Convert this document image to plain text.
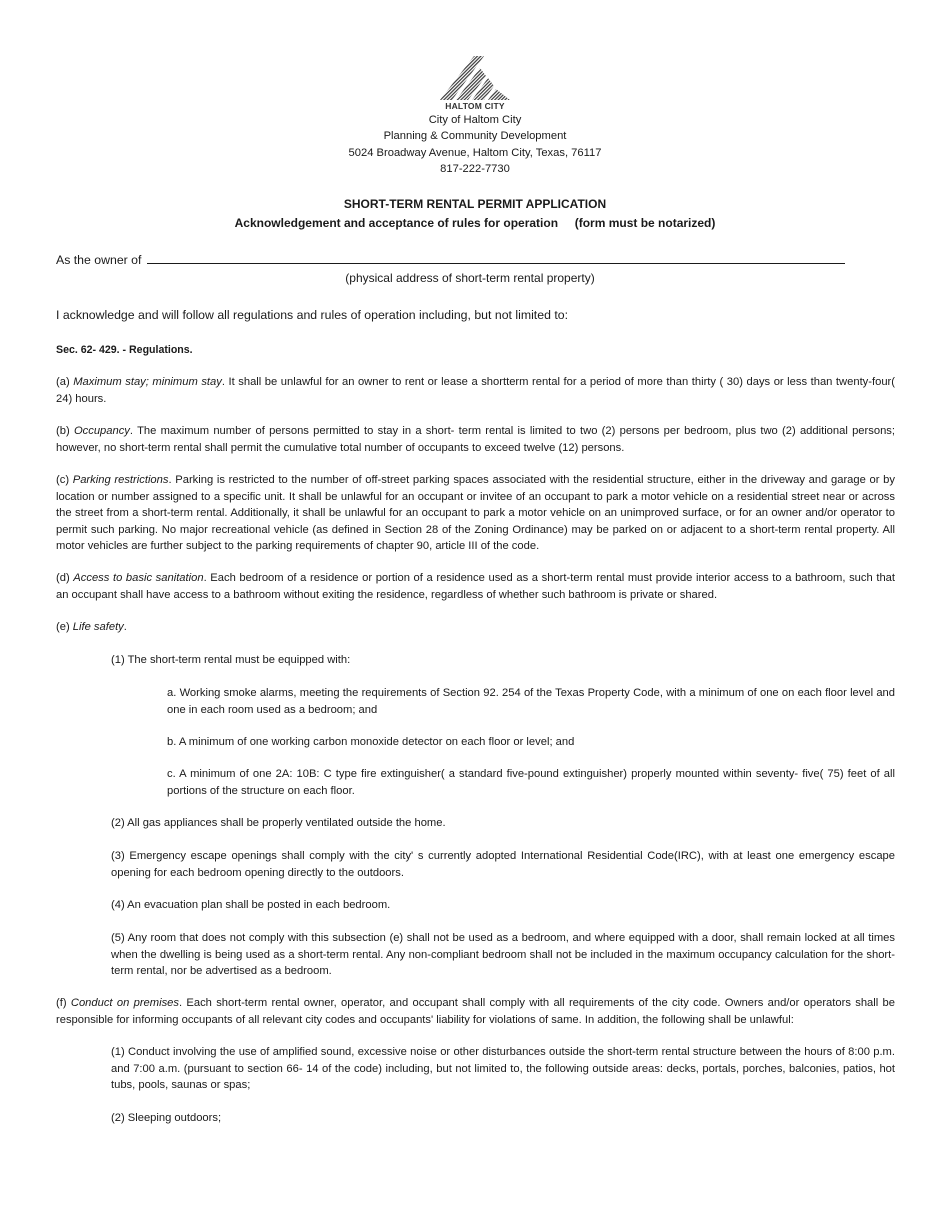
HALTOM CITY
City of Haltom City
Planning & Community Development
5024 Broadway Avenue, Haltom City, Texas, 76117
817-222-7730
SHORT-TERM RENTAL PERMIT APPLICATION
Acknowledgement and acceptance of rules for operation     (form must be notarized)
As the owner of
(physical address of short-term rental property)
I acknowledge and will follow all regulations and rules of operation including, but not limited to:
Sec. 62- 429. - Regulations.
(a) Maximum stay; minimum stay. It shall be unlawful for an owner to rent or lease a shortterm rental for a period of more than thirty ( 30) days or less than twenty-four( 24) hours.
(b) Occupancy. The maximum number of persons permitted to stay in a short- term rental is limited to two (2) persons per bedroom, plus two (2) additional persons; however, no short-term rental shall permit the cumulative total number of occupants to exceed twelve (12) persons.
(c) Parking restrictions. Parking is restricted to the number of off-street parking spaces associated with the residential structure, either in the driveway and garage or by location or number assigned to a specific unit. It shall be unlawful for an occupant or invitee of an occupant to park a motor vehicle on a residential street near or across the street from a short-term rental. Additionally, it shall be unlawful for an occupant to park a motor vehicle on an unimproved surface, or for an owner and/or operator to permit such parking. No major recreational vehicle (as defined in Section 28 of the Zoning Ordinance) may be parked on or adjacent to a short-term rental property. All motor vehicles are further subject to the parking requirements of chapter 90, article III of the code.
(d) Access to basic sanitation. Each bedroom of a residence or portion of a residence used as a short-term rental must provide interior access to a bathroom, such that an occupant shall have access to a bathroom without exiting the residence, regardless of whether such bathroom is private or shared.
(e) Life safety.
(1) The short-term rental must be equipped with:
a. Working smoke alarms, meeting the requirements of Section 92. 254 of the Texas Property Code, with a minimum of one on each floor level and one in each room used as a bedroom; and
b. A minimum of one working carbon monoxide detector on each floor or level; and
c. A minimum of one 2A: 10B: C type fire extinguisher( a standard five-pound extinguisher) properly mounted within seventy- five( 75) feet of all portions of the structure on each floor.
(2) All gas appliances shall be properly ventilated outside the home.
(3) Emergency escape openings shall comply with the city' s currently adopted International Residential Code(IRC), with at least one emergency escape opening for each bedroom opening directly to the outdoors.
(4) An evacuation plan shall be posted in each bedroom.
(5) Any room that does not comply with this subsection (e) shall not be used as a bedroom, and where equipped with a door, shall remain locked at all times when the dwelling is being used as a short-term rental. Any non-compliant bedroom shall not be included in the maximum occupancy calculation for the short-term rental, nor be advertised as a bedroom.
(f) Conduct on premises. Each short-term rental owner, operator, and occupant shall comply with all requirements of the city code. Owners and/or operators shall be responsible for informing occupants of all relevant city codes and occupants' liability for violations of same. In addition, the following shall be unlawful:
(1) Conduct involving the use of amplified sound, excessive noise or other disturbances outside the short-term rental structure between the hours of 8:00 p.m. and 7:00 a.m. (pursuant to section 66- 14 of the code) including, but not limited to, the following outside areas: decks, portals, porches, balconies, patios, hot tubs, pools, saunas or spas;
(2) Sleeping outdoors;
